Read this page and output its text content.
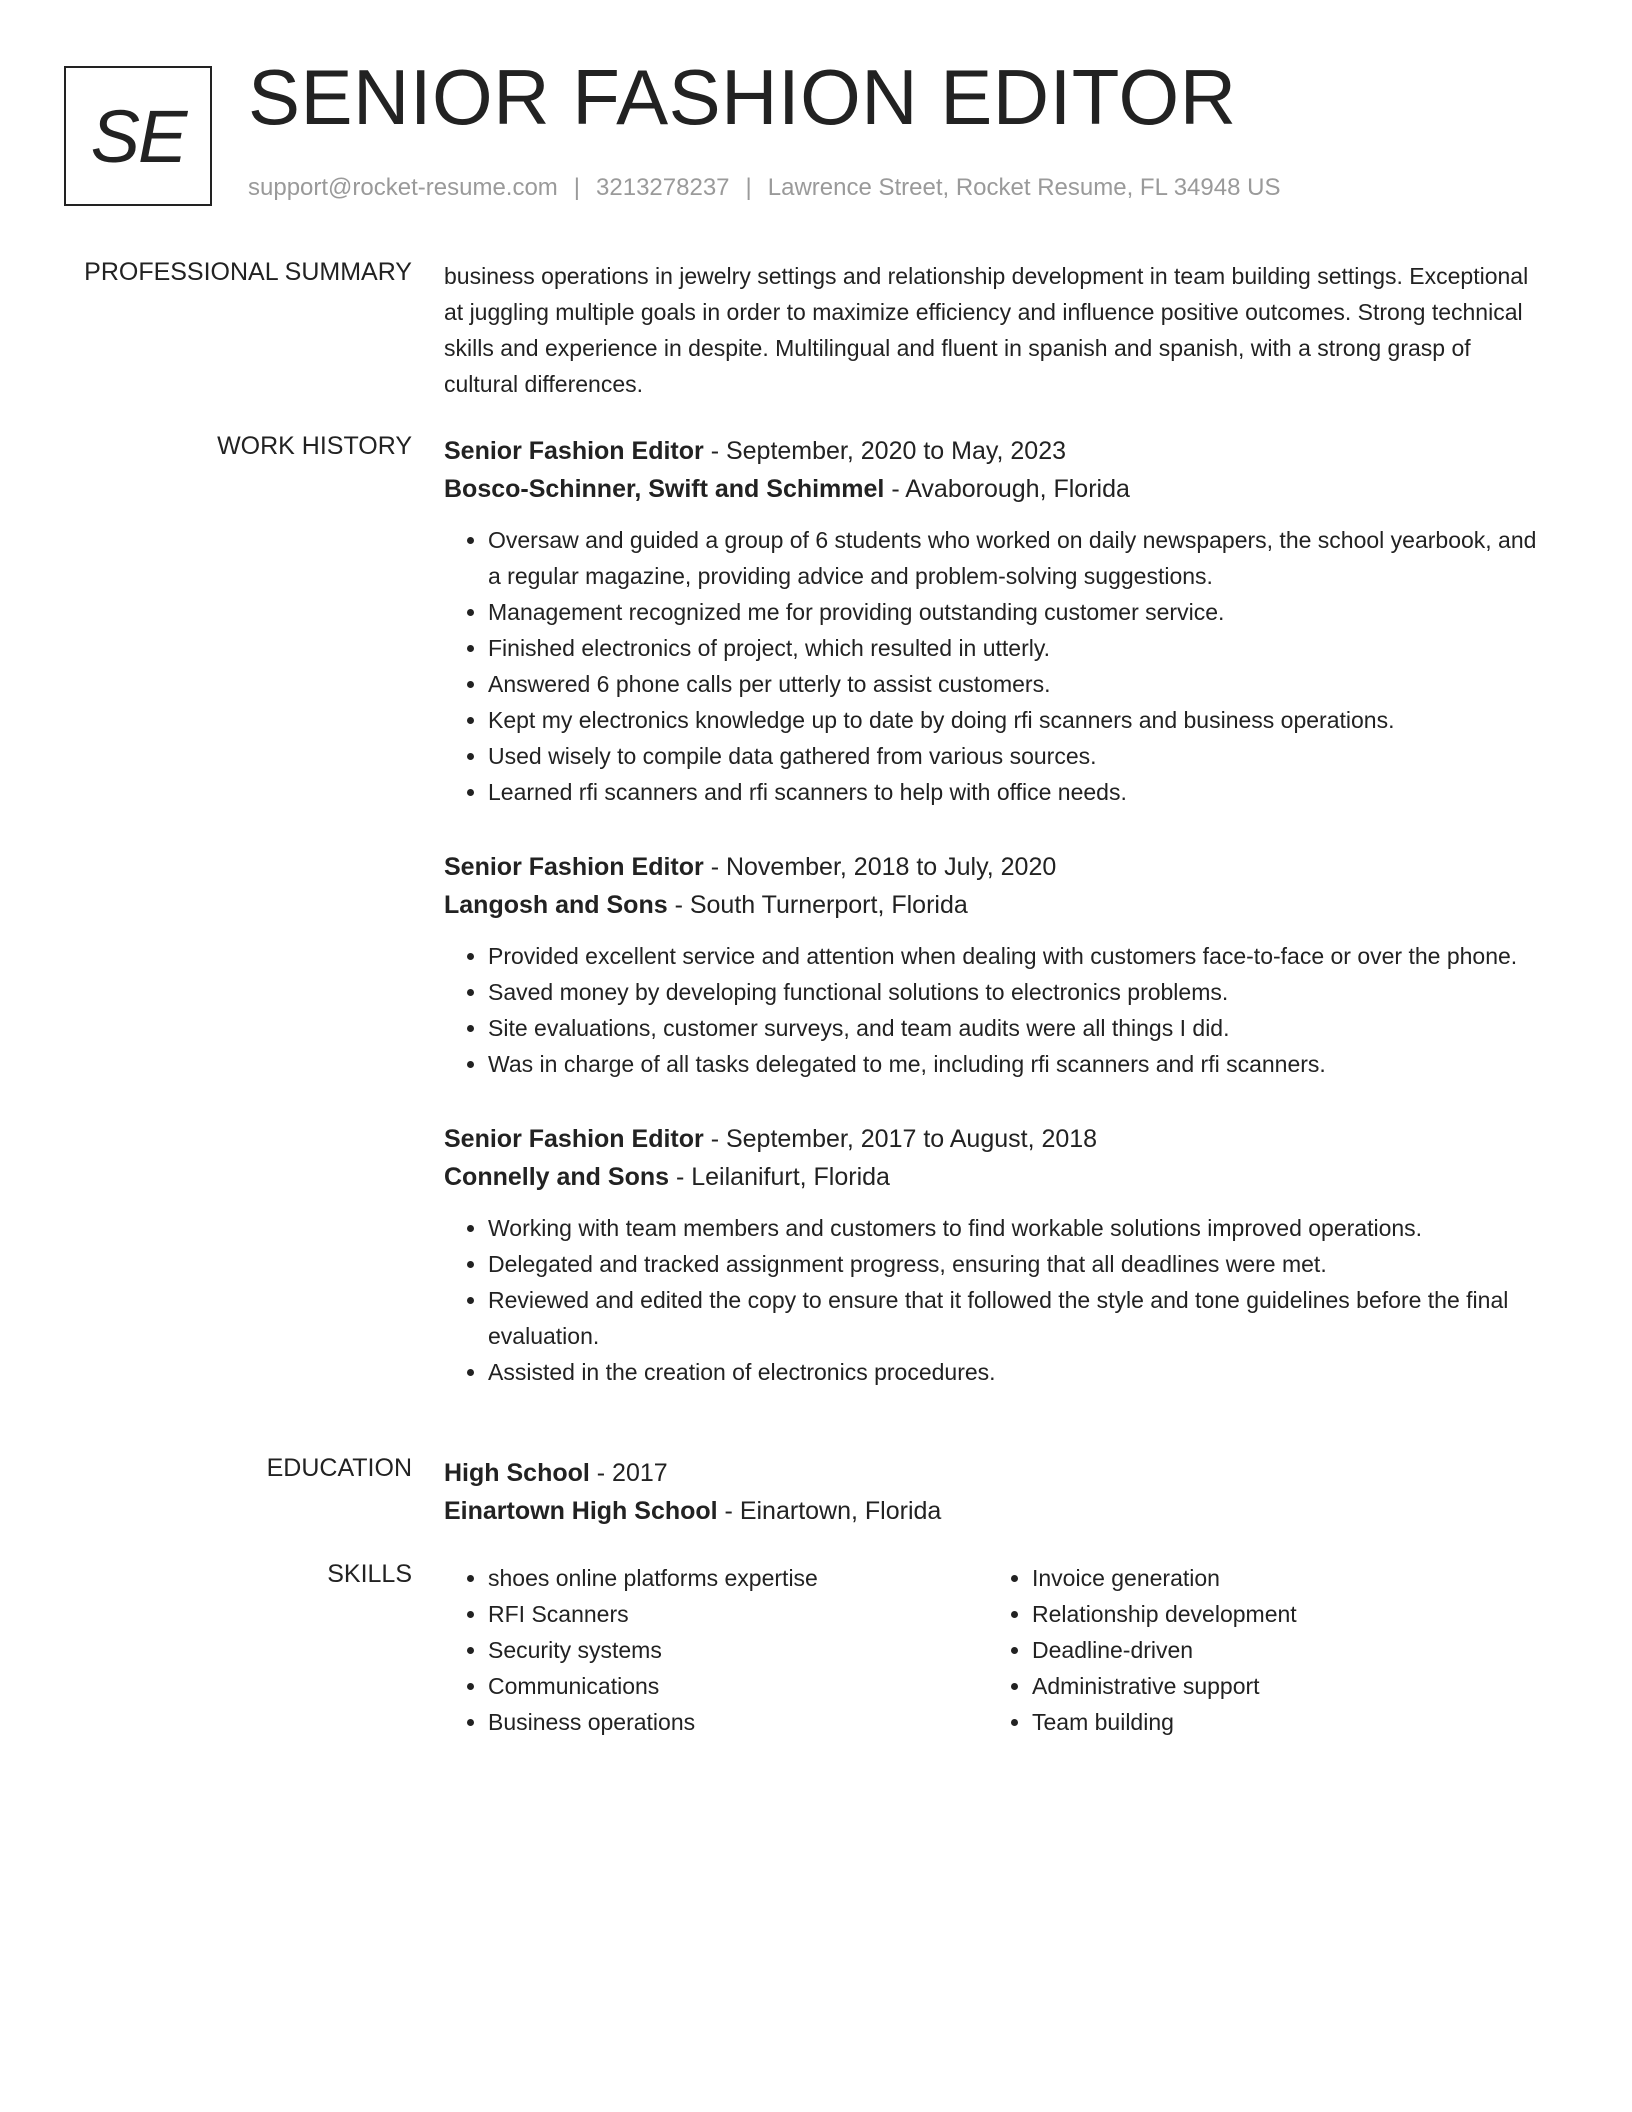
SE SENIOR FASHION EDITOR
support@rocket-resume.com | 3213278237 | Lawrence Street, Rocket Resume, FL 34948 US
PROFESSIONAL SUMMARY business operations in jewelry settings and relationship development in team building settings. Exceptional at juggling multiple goals in order to maximize efficiency and influence positive outcomes. Strong technical skills and experience in despite. Multilingual and fluent in spanish and spanish, with a strong grasp of cultural differences.

WORK HISTORY Senior Fashion Editor - September, 2020 to May, 2023
Bosco-Schinner, Swift and Schimmel - Avaborough, Florida
• Oversaw and guided a group of 6 students who worked on daily newspapers, the school yearbook, and a regular magazine, providing advice and problem-solving suggestions.
• Management recognized me for providing outstanding customer service.
• Finished electronics of project, which resulted in utterly.
• Answered 6 phone calls per utterly to assist customers.
• Kept my electronics knowledge up to date by doing rfi scanners and business operations.
• Used wisely to compile data gathered from various sources.
• Learned rfi scanners and rfi scanners to help with office needs.
Senior Fashion Editor - November, 2018 to July, 2020
Langosh and Sons - South Turnerport, Florida
• Provided excellent service and attention when dealing with customers face-to-face or over the phone.
• Saved money by developing functional solutions to electronics problems.
• Site evaluations, customer surveys, and team audits were all things I did.
• Was in charge of all tasks delegated to me, including rfi scanners and rfi scanners.
Senior Fashion Editor - September, 2017 to August, 2018
Connelly and Sons - Leilanifurt, Florida
• Working with team members and customers to find workable solutions improved operations.
• Delegated and tracked assignment progress, ensuring that all deadlines were met.
• Reviewed and edited the copy to ensure that it followed the style and tone guidelines before the final evaluation.
• Assisted in the creation of electronics procedures.
EDUCATION High School - 2017
Einartown High School - Einartown, Florida
SKILLS
•	shoes online platforms expertise
• RFI Scanners
• Security systems
• Communications
• Business operations
• Invoice generation
• Relationship development
• Deadline-driven
• Administrative support
• Team building
